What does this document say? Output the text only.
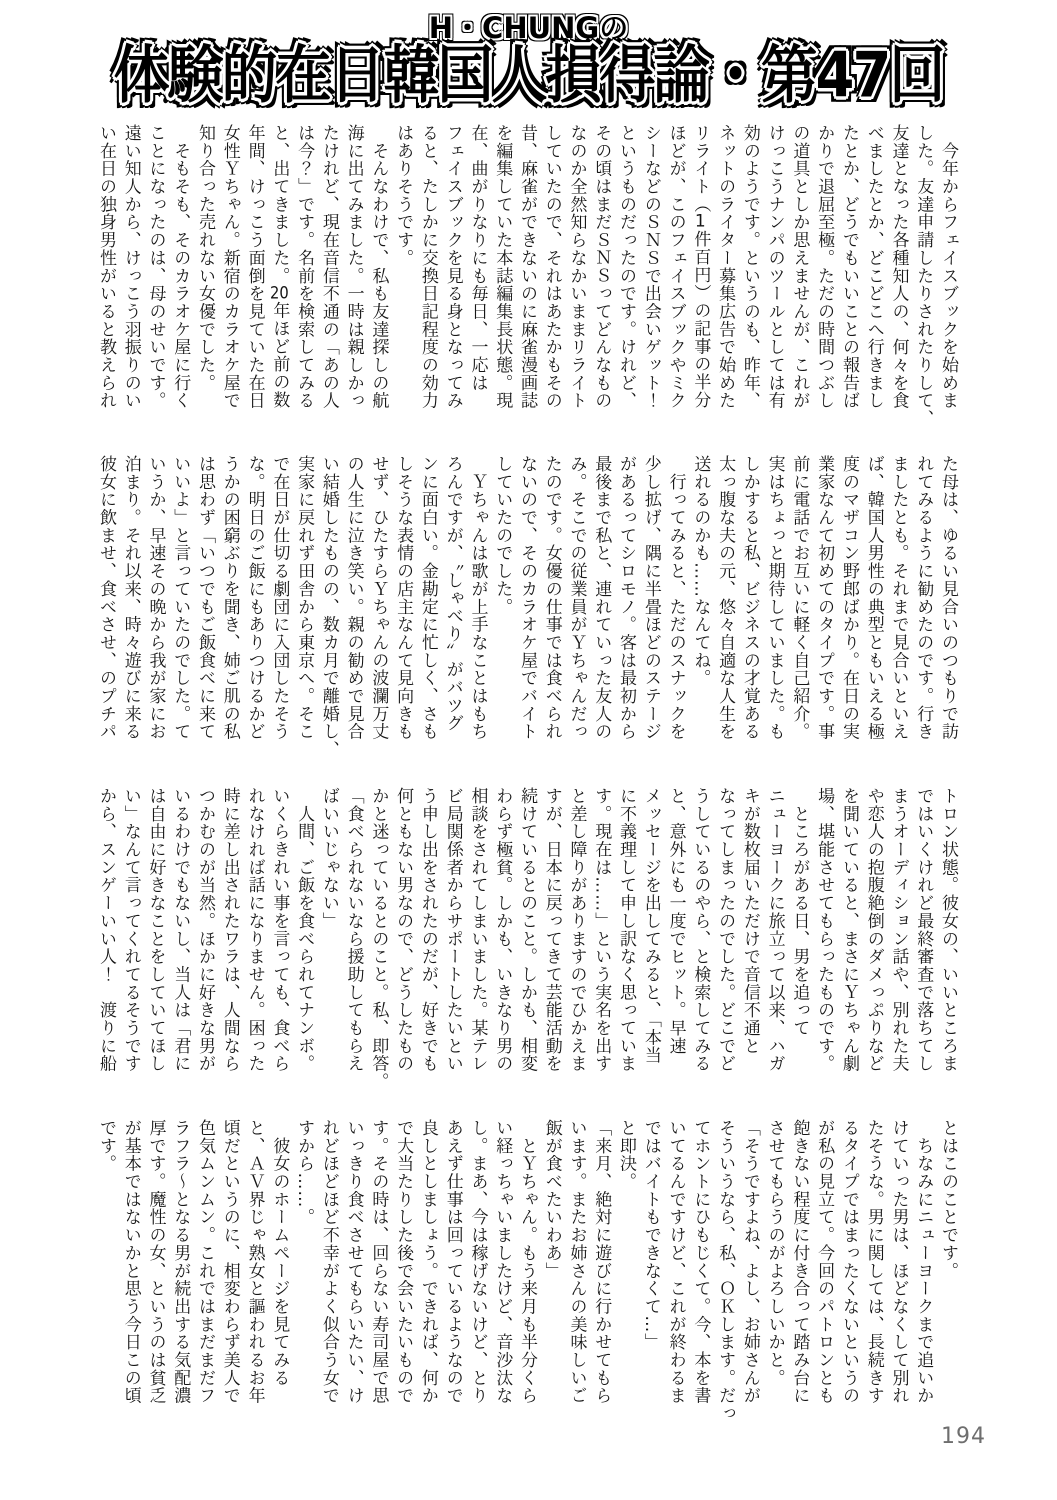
H・CHUNGの
体験的在日韓国人損得論・第47回

　今年からフェイスブックを始めま

した。友達申請したりされたりして、

友達となった各種知人の、何々を食

べましたとか、どこどこへ行きまし

たとか、どうでもいいことの報告ば

かりで退屈至極。ただの時間つぶし

の道具としか思えませんが、これが

けっこうナンパのツールとしては有

効のようです。というのも、昨年、

ネットのライター募集広告で始めた

リライト（1件百円）の記事の半分

ほどが、このフェイスブックやミク

シーなどのＳＮＳで出会いゲット！

というものだったのです。けれど、

その頃はまだＳＮＳってどんなもの

なのか全然知らなかいままリライト

していたので、それはあたかもその

昔、麻雀ができないのに麻雀漫画誌

を編集していた本誌編集長状態。現

在、曲がりなりにも毎日、一応は

フェイスブックを見る身となってみ

ると、たしかに交換日記程度の効力

はありそうです。

　そんなわけで、私も友達探しの航

海に出てみました。一時は親しかっ

たけれど、現在音信不通の「あの人

は今？」です。名前を検索してみる

と、出てきました。20年ほど前の数

年間、けっこう面倒を見ていた在日

女性Ｙちゃん。新宿のカラオケ屋で

知り合った売れない女優でした。

　そもそも、そのカラオケ屋に行く

ことになったのは、母のせいです。

遠い知人から、けっこう羽振りのい

い在日の独身男性がいると教えられ

た母は、ゆるい見合いのつもりで訪

れてみるように勧めたのです。行き

ましたとも。それまで見合いといえ

ば、韓国人男性の典型ともいえる極

度のマザコン野郎ばかり。在日の実

業家なんて初めてのタイプです。事

前に電話でお互いに軽く自己紹介。

実はちょっと期待していました。も

しかすると私、ビジネスの才覚ある

太っ腹な夫の元、悠々自適な人生を

送れるのかも……なんてね。

　行ってみると、ただのスナックを

少し拡げ、隅に半畳ほどのステージ

があるってシロモノ。客は最初から

最後まで私と、連れていった友人の

み。そこでの従業員がＹちゃんだっ

たのです。女優の仕事では食べられ

ないので、そのカラオケ屋でバイト

していたのでした。

　Ｙちゃんは歌が上手なことはもち

ろんですが、〝しゃべり〟がバツグ

ンに面白い。金勘定に忙しく、さも

しそうな表情の店主なんて見向きも

せず、ひたすらＹちゃんの波瀾万丈

の人生に泣き笑い。親の勧めで見合

い結婚したものの、数カ月で離婚し、

実家に戻れず田舎から東京へ。そこ

で在日が仕切る劇団に入団したそう

な。明日のご飯にもありつけるかど

うかの困窮ぶりを聞き、姉ご肌の私

は思わず「いつでもご飯食べに来て

いいよ」と言っていたのでした。て

いうか、早速その晩から我が家にお

泊まり。それ以来、時々遊びに来る

彼女に飲ませ、食べさせ、のプチパ

トロン状態。彼女の、いいところま

ではいくけれど最終審査で落ちてし

まうオーディション話や、別れた夫

や恋人の抱腹絶倒のダメっぷりなど

を聞いていると、まさにＹちゃん劇

場、堪能させてもらったものです。

　ところがある日、男を追って

ニューヨークに旅立って以来、ハガ

キが数枚届いただけで音信不通と

なってしまったのでした。どこでど

うしているのやら、と検索してみる

と、意外にも一度でヒット。早速

メッセージを出してみると、「本当

に不義理して申し訳なく思っていま

す。現在は……」という実名を出す

と差し障りがありますのでひかえま

すが、日本に戻ってきて芸能活動を

続けているとのこと。しかも、相変

わらず極貧。しかも、いきなり男の

相談をされてしまいました。某テレ

ビ局関係者からサポートしたいとい

う申し出をされたのだが、好きでも

何ともない男なので、どうしたもの

かと迷っているとのこと。私、即答。

「食べられないなら援助してもらえ

ばいいじゃない」

　人間、ご飯を食べられてナンボ。

いくらきれい事を言っても、食べら

れなければ話になりません。困った

時に差し出されたワラは、人間なら

つかむのが当然。ほかに好きな男が

いるわけでもないし、当人は「君に

は自由に好きなことをしていてほし

い」なんて言ってくれてるそうです

から、スンゲーいい人！　渡りに船

とはこのことです。

　ちなみにニューヨークまで追いか

けていった男は、ほどなくして別れ

たそうな。男に関しては、長続きす

るタイプではまったくないというの

が私の見立て。今回のパトロンとも

飽きない程度に付き合って踏み台に

させてもらうのがよろしいかと。

「そうですよね、よし、お姉さんが

そういうなら、私、ＯＫします。だっ

てホントにひもじくて。今、本を書

いてるんですけど、これが終わるま

ではバイトもできなくて…」

と即決。

「来月、絶対に遊びに行かせてもら

います。またお姉さんの美味しいご

飯が食べたいわあ」

　とＹちゃん。もう来月も半分くら

い経っちゃいましたけど、音沙汰な

し。まあ、今は稼げないけど、とり

あえず仕事は回っているようなので

良しとしましょう。できれば、何か

で大当たりした後で会いたいもので

す。その時は、回らない寿司屋で思

いっきり食べさせてもらいたい、け

れどほどほど不幸がよく似合う女で

すから……。

　彼女のホームページを見てみる

と、ＡＶ界じゃ熟女と謳われるお年

頃だというのに、相変わらず美人で

色気ムンムン。これではまだまだフ

ラフラ〜となる男が続出する気配濃

厚です。魔性の女、というのは貧乏

が基本ではないかと思う今日この頃

です。

194
